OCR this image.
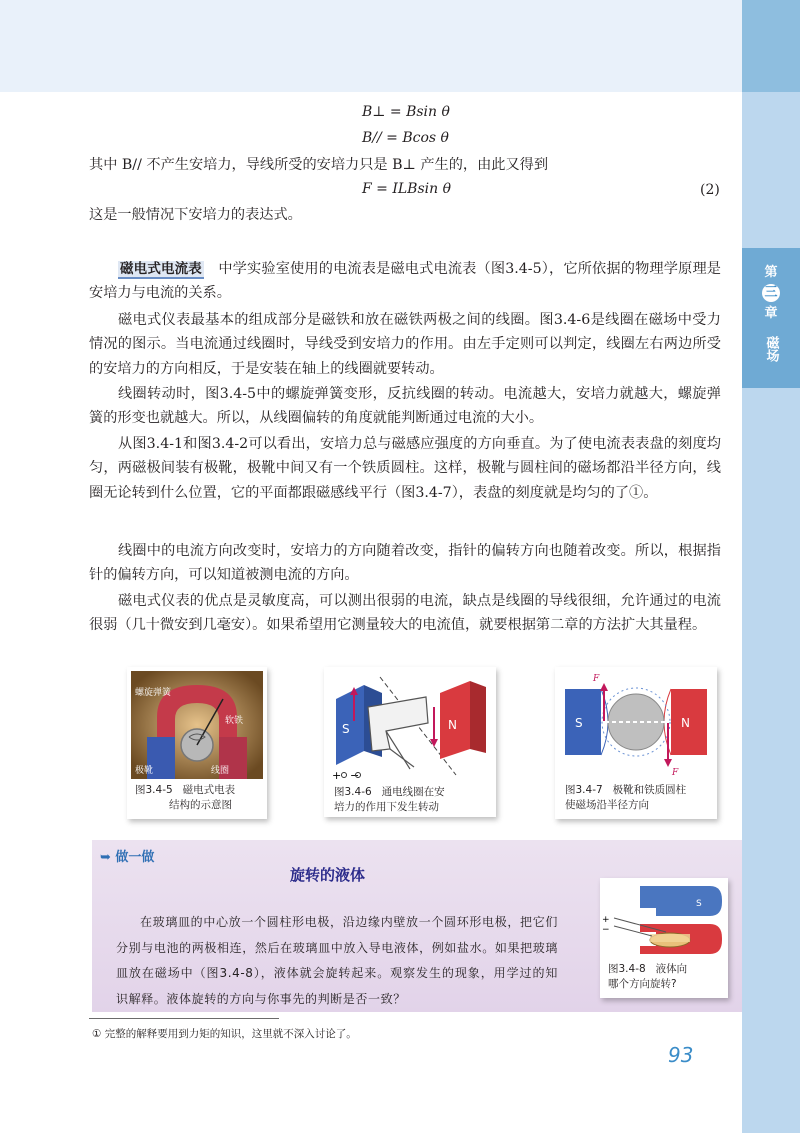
第
三
章
磁场
B⊥ = Bsin θ
B// = Bcos θ

其中 B// 不产生安培力，导线所受的安培力只是 B⊥ 产生的，由此又得到

F = ILBsin θ	(2)

这是一般情况下安培力的表达式。

磁电式电流表　 中学实验室使用的电流表是磁电式电流表（图3.4-5），它所依据的物理学原理是安培力与电流的关系。

磁电式仪表最基本的组成部分是磁铁和放在磁铁两极之间的线圈。图3.4-6是线圈在磁场中受力情况的图示。当电流通过线圈时，导线受到安培力的作用。由左手定则可以判定，线圈左右两边所受的安培力的方向相反，于是安装在轴上的线圈就要转动。

线圈转动时，图3.4-5中的螺旋弹簧变形，反抗线圈的转动。电流越大，安培力就越大，螺旋弹簧的形变也就越大。所以，从线圈偏转的角度就能判断通过电流的大小。

从图3.4-1和图3.4-2可以看出，安培力总与磁感应强度的方向垂直。为了使电流表表盘的刻度均匀，两磁极间装有极靴，极靴中间又有一个铁质圆柱。这样，极靴与圆柱间的磁场都沿半径方向，线圈无论转到什么位置，它的平面都跟磁感线平行（图3.4-7），表盘的刻度就是均匀的了①。

线圈中的电流方向改变时，安培力的方向随着改变，指针的偏转方向也随着改变。所以，根据指针的偏转方向，可以知道被测电流的方向。

磁电式仪表的优点是灵敏度高，可以测出很弱的电流，缺点是线圈的导线很细，允许通过的电流很弱（几十微安到几毫安）。如果希望用它测量较大的电流值，就要根据第二章的方法扩大其量程。

螺旋弹簧
软铁
极靴	线圈
图3.4-5 磁电式电表
结构的示意图
S	N
+ −
图3.4-6 通电线圈在安
培力的作用下发生转动
S	N
F
F
图3.4-7 极靴和铁质圆柱
使磁场沿半径方向
➥ 做一做
旋转的液体

在玻璃皿的中心放一个圆柱形电极，沿边缘内壁放一个圆环形电极，把它们分别与电池的两极相连，然后在玻璃皿中放入导电液体，例如盐水。如果把玻璃皿放在磁场中（图3.4-8），液体就会旋转起来。观察发生的现象，用学过的知识解释。液体旋转的方向与你事先的判断是否一致？

S
+
−
图3.4-8 液体向
哪个方向旋转?
① 完整的解释要用到力矩的知识，这里就不深入讨论了。
93
